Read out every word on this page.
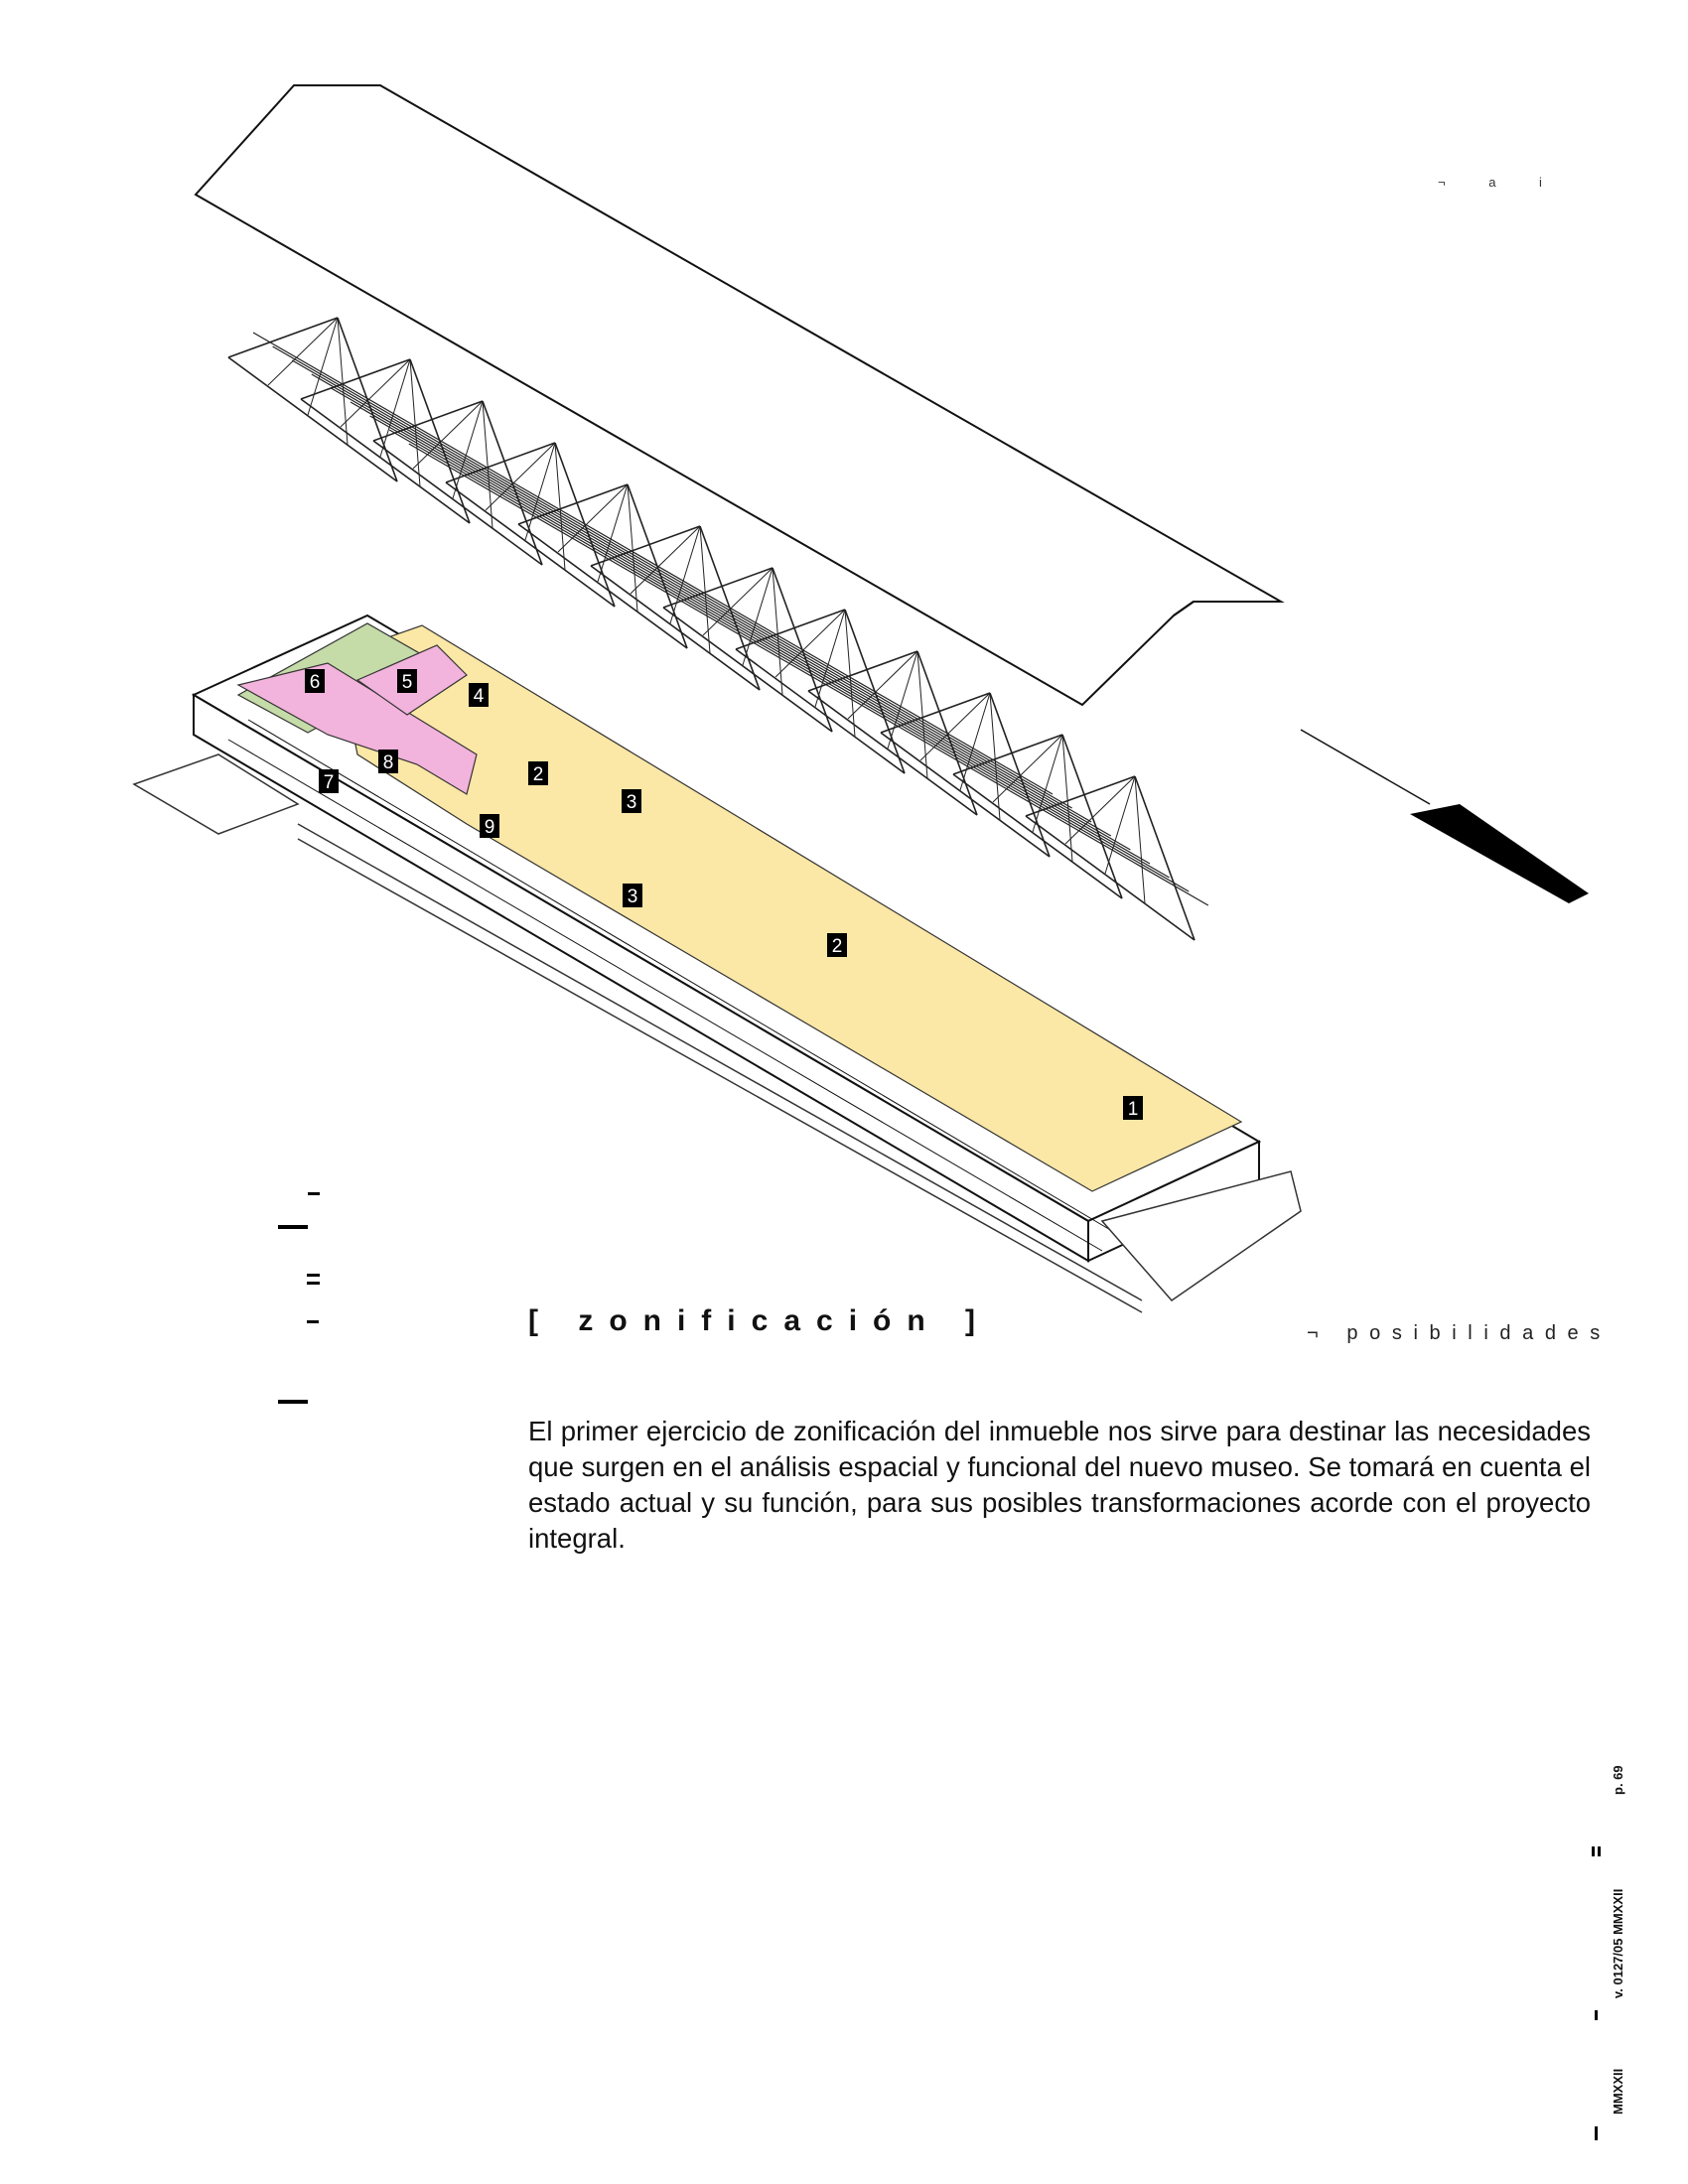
¬ a i
1
2
2
3
3
4
5
6
7
8
9
[ zonificación ]	¬ posibilidades
El primer ejercicio de zonificación del inmueble nos sirve para destinar las necesidades que surgen en el análisis espacial y funcional del nuevo museo. Se tomará en cuenta el estado actual y su función, para sus posibles transformaciones acorde con el proyecto integral.
MMXXII
v. 0127/05 MMXXII
p. 69
